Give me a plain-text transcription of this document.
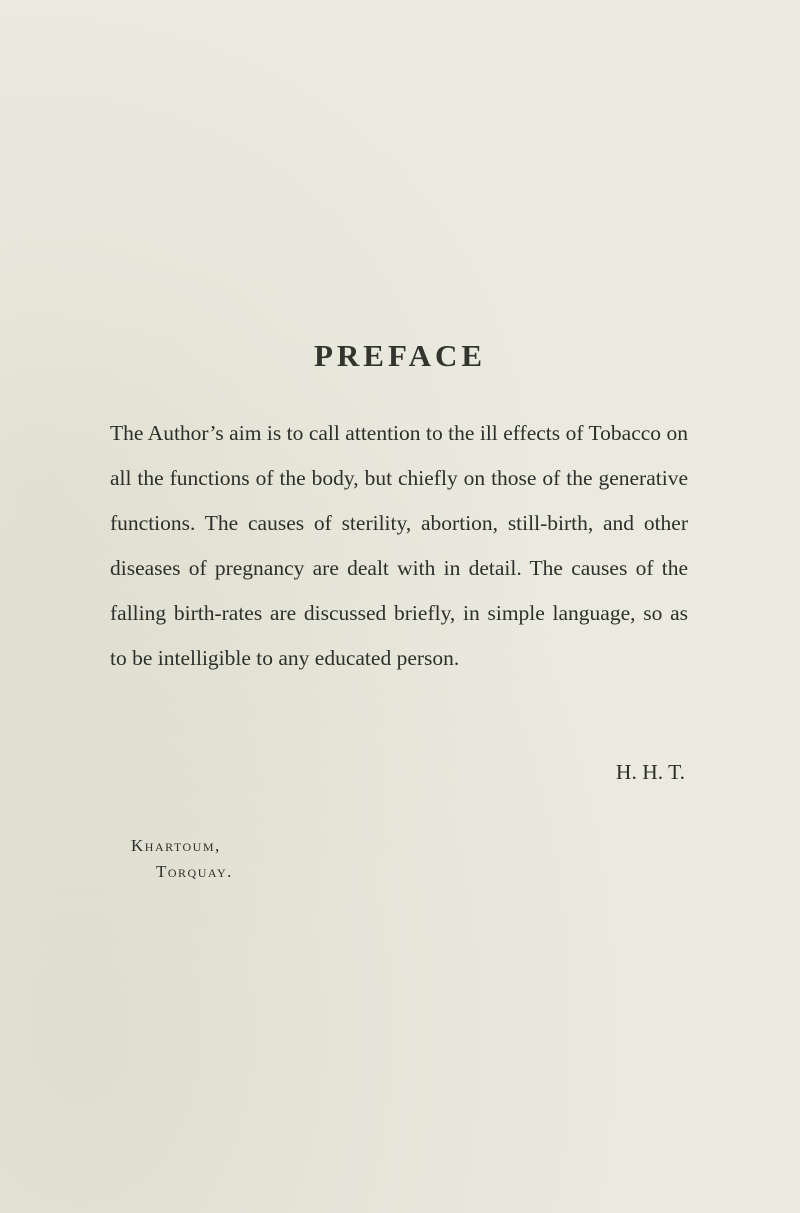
PREFACE

The Author’s aim is to call attention to the ill effects of Tobacco on all the functions of the body, but chiefly on those of the generative functions. The causes of sterility, abortion, still-birth, and other diseases of pregnancy are dealt with in detail. The causes of the falling birth-rates are discussed briefly, in simple language, so as to be intelligible to any educated person.

H. H. T.
Khartoum,
Torquay.
